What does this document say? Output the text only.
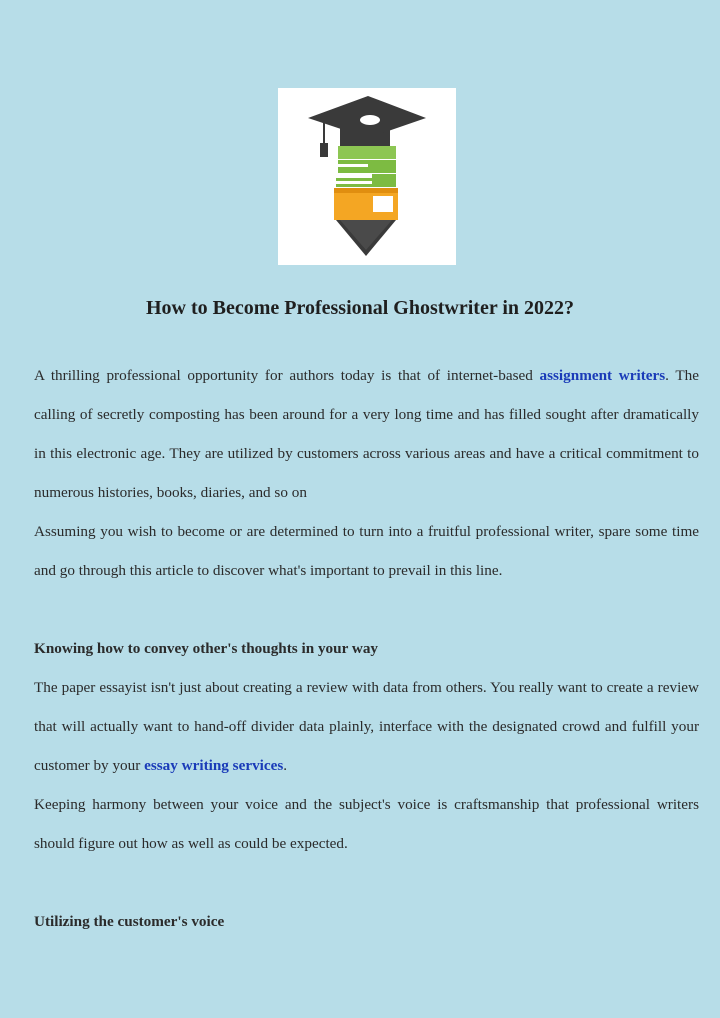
How to Become Professional Ghostwriter in 2022?

A thrilling professional opportunity for authors today is that of internet-based assignment writers. The calling of secretly composting has been around for a very long time and has filled sought after dramatically in this electronic age. They are utilized by customers across various areas and have a critical commitment to numerous histories, books, diaries, and so on

Assuming you wish to become or are determined to turn into a fruitful professional writer, spare some time and go through this article to discover what's important to prevail in this line.

Knowing how to convey other's thoughts in your way

The paper essayist isn't just about creating a review with data from others. You really want to create a review that will actually want to hand-off divider data plainly, interface with the designated crowd and fulfill your customer by your essay writing services.

Keeping harmony between your voice and the subject's voice is craftsmanship that professional writers should figure out how as well as could be expected.

Utilizing the customer's voice
